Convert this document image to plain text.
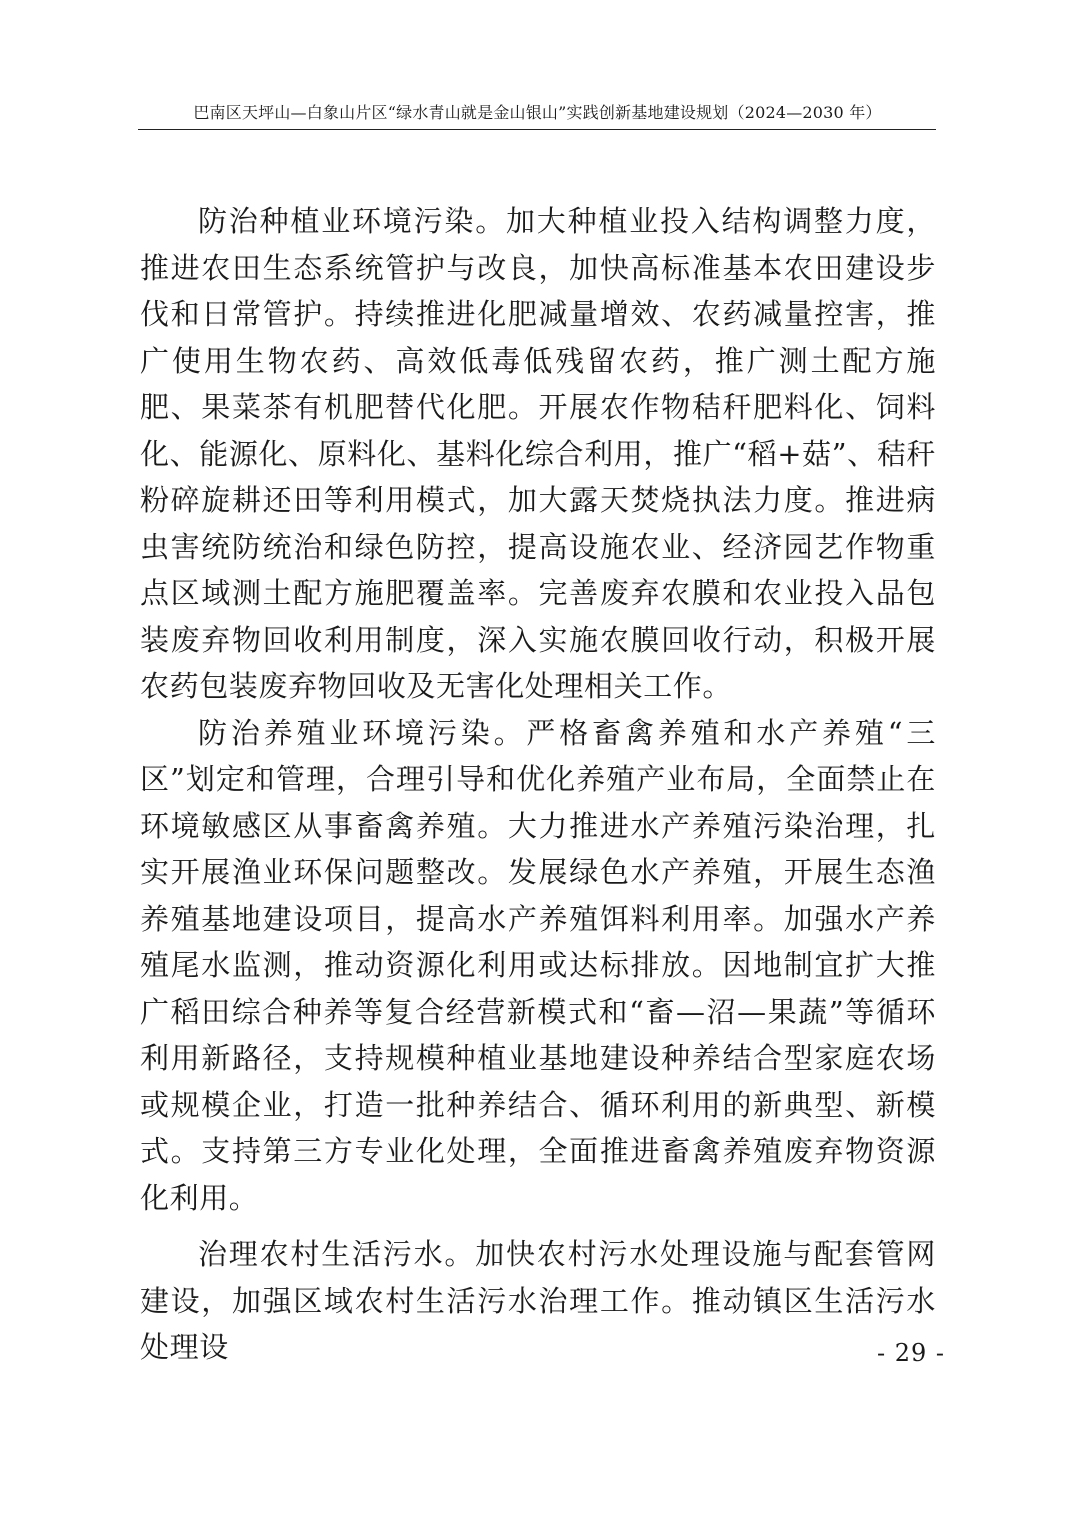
巴南区天坪山—白象山片区“绿水青山就是金山银山”实践创新基地建设规划（2024—2030 年）

防治种植业环境污染。加大种植业投入结构调整力度，推进农田生态系统管护与改良，加快高标准基本农田建设步伐和日常管护。持续推进化肥减量增效、农药减量控害，推广使用生物农药、高效低毒低残留农药，推广测土配方施肥、果菜茶有机肥替代化肥。开展农作物秸秆肥料化、饲料化、能源化、原料化、基料化综合利用，推广“稻+菇”、秸秆粉碎旋耕还田等利用模式，加大露天焚烧执法力度。推进病虫害统防统治和绿色防控，提高设施农业、经济园艺作物重点区域测土配方施肥覆盖率。完善废弃农膜和农业投入品包装废弃物回收利用制度，深入实施农膜回收行动，积极开展农药包装废弃物回收及无害化处理相关工作。

防治养殖业环境污染。严格畜禽养殖和水产养殖“三区”划定和管理，合理引导和优化养殖产业布局，全面禁止在环境敏感区从事畜禽养殖。大力推进水产养殖污染治理，扎实开展渔业环保问题整改。发展绿色水产养殖，开展生态渔养殖基地建设项目，提高水产养殖饵料利用率。加强水产养殖尾水监测，推动资源化利用或达标排放。因地制宜扩大推广稻田综合种养等复合经营新模式和“畜—沼—果蔬”等循环利用新路径，支持规模种植业基地建设种养结合型家庭农场或规模企业，打造一批种养结合、循环利用的新典型、新模式。支持第三方专业化处理，全面推进畜禽养殖废弃物资源化利用。

治理农村生活污水。加快农村污水处理设施与配套管网建设，加强区域农村生活污水治理工作。推动镇区生活污水处理设	- 29 -
